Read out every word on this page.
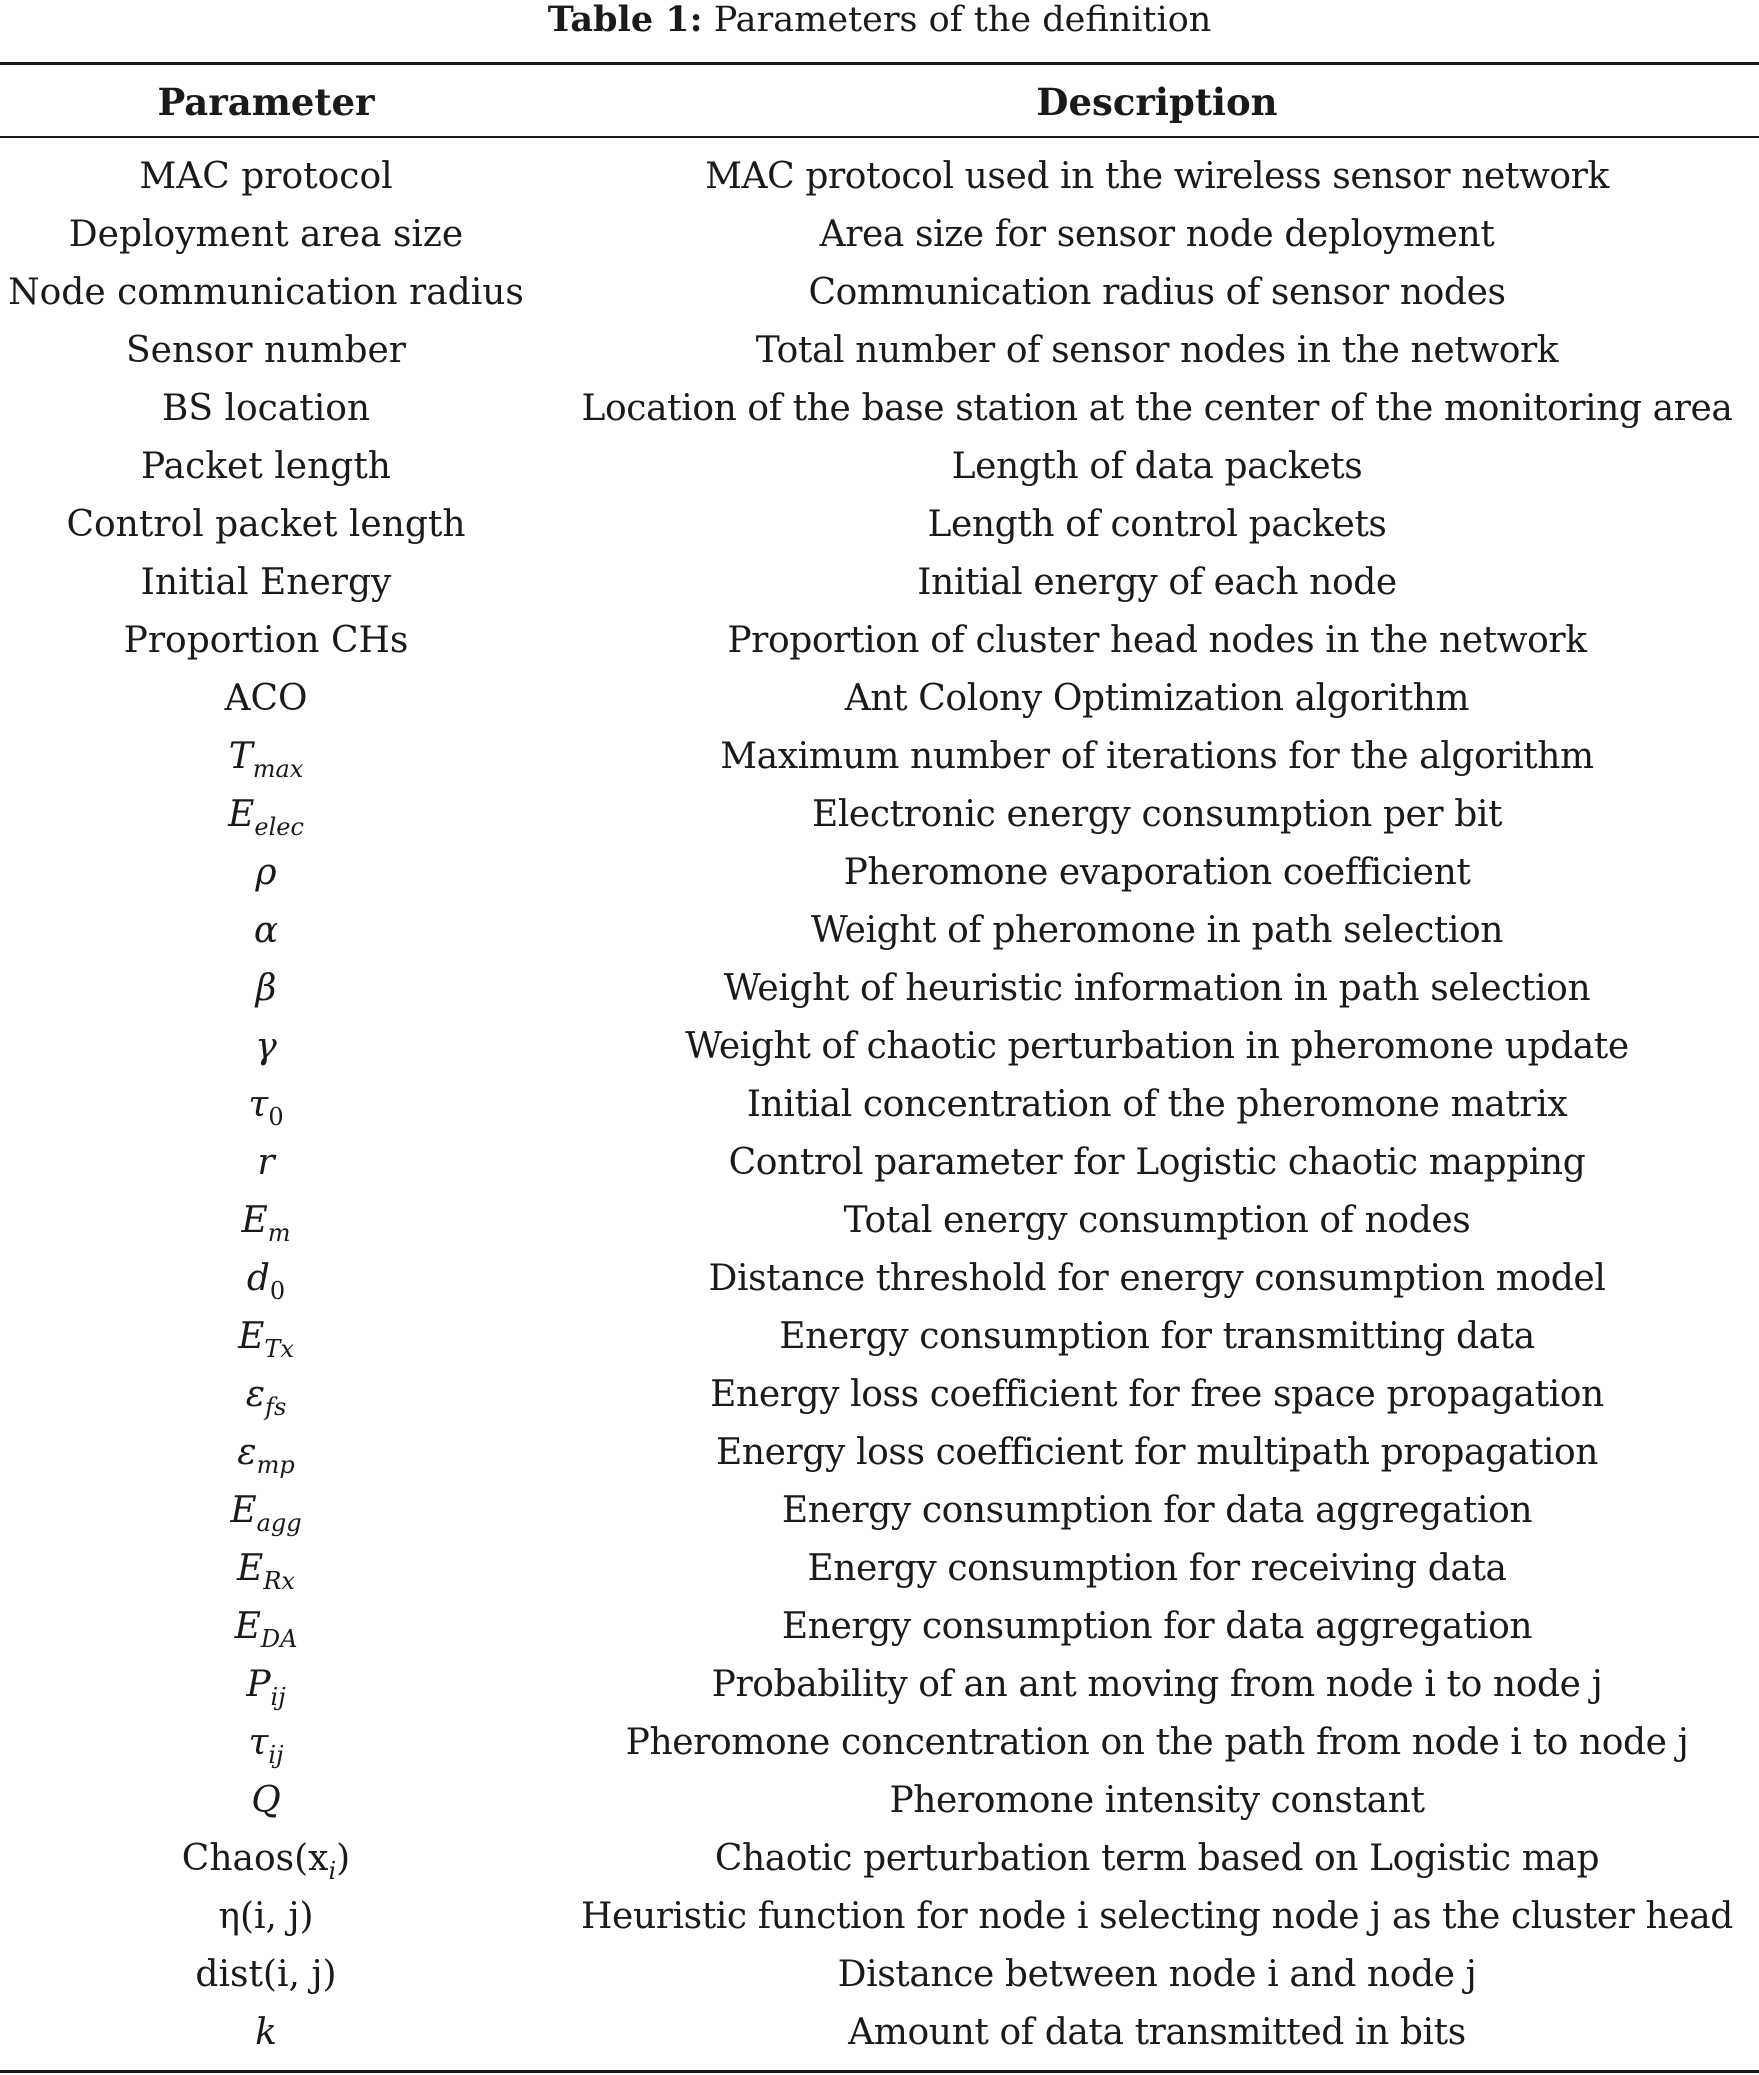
Table 1: Parameters of the definition
Parameter	Description
MAC protocol	MAC protocol used in the wireless sensor network
Deployment area size	Area size for sensor node deployment
Node communication radius	Communication radius of sensor nodes
Sensor number	Total number of sensor nodes in the network
BS location	Location of the base station at the center of the monitoring area
Packet length	Length of data packets
Control packet length	Length of control packets
Initial Energy	Initial energy of each node
Proportion CHs	Proportion of cluster head nodes in the network
ACO	Ant Colony Optimization algorithm
$T_{max}$	Maximum number of iterations for the algorithm
$E_{elec}$	Electronic energy consumption per bit
ρ	Pheromone evaporation coefficient
α	Weight of pheromone in path selection
β	Weight of heuristic information in path selection
γ	Weight of chaotic perturbation in pheromone update
$\tau_0$	Initial concentration of the pheromone matrix
r	Control parameter for Logistic chaotic mapping
$E_m$	Total energy consumption of nodes
$d_0$	Distance threshold for energy consumption model
$E_{Tx}$	Energy consumption for transmitting data
$\varepsilon_{fs}$	Energy loss coefficient for free space propagation
$\varepsilon_{mp}$	Energy loss coefficient for multipath propagation
$E_{agg}$	Energy consumption for data aggregation
$E_{Rx}$	Energy consumption for receiving data
$E_{DA}$	Energy consumption for data aggregation
$P_{ij}$	Probability of an ant moving from node i to node j
$\tau_{ij}$	Pheromone concentration on the path from node i to node j
Q	Pheromone intensity constant
$Chaos(x_i)$	Chaotic perturbation term based on Logistic map
η(i, j)	Heuristic function for node i selecting node j as the cluster head
dist(i, j)	Distance between node i and node j
k	Amount of data transmitted in bits
